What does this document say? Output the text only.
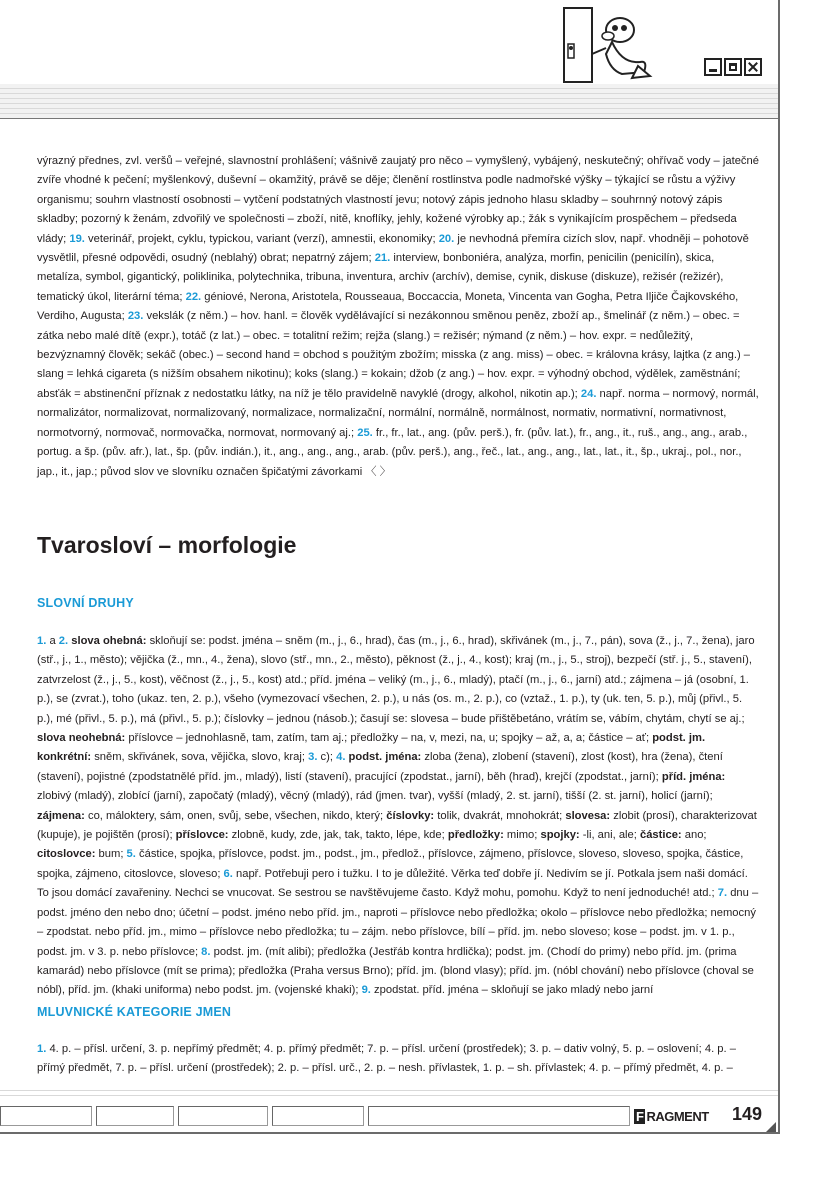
výrazný přednes, zvl. veršů – veřejné, slavnostní prohlášení; vášnivě zaujatý pro něco – vymyšlený, vybájený, neskutečný; ohřívač vody – jatečné zvíře vhodné k pečení; myšlenkový, duševní – okamžitý, právě se děje; členění rostlinstva podle nadmořské výšky – týkající se růstu a výživy organismu; souhrn vlastností osobnosti – vytčení podstatných vlastností jevu; notový zápis jednoho hlasu skladby – souhrnný notový zápis skladby; pozorný k ženám, zdvořilý ve společnosti – zboží, nitě, knoflíky, jehly, kožené výrobky ap.; žák s vynikajícím prospěchem – předseda vlády; 19. veterinář, projekt, cyklu, typickou, variant (verzí), amnestii, ekonomiky; 20. je nevhodná přemíra cizích slov, např. vhodněji – pohotově vysvětlil, přesné odpovědi, osudný (neblahý) obrat; nepatrný zájem; 21. interview, bonboniéra, analýza, morfin, penicilin (penicilín), skica, metalíza, symbol, gigantický, poliklinika, polytechnika, tribuna, inventura, archiv (archív), demise, cynik, diskuse (diskuze), režisér (režizér), tematický úkol, literární téma; 22. géniové, Nerona, Aristotela, Rousseaua, Boccaccia, Moneta, Vincenta van Gogha, Petra Iljiče Čajkovského, Verdiho, Augusta; 23. vekslák (z něm.) – hov. hanl. = člověk vydělávající si nezákonnou směnou peněz, zboží ap., šmelinář (z něm.) – obec. = zátka nebo malé dítě (expr.), totáč (z lat.) – obec. = totalitní režim; rejža (slang.) = režisér; nýmand (z něm.) – hov. expr. = nedůležitý, bezvýznamný člověk; sekáč (obec.) – second hand = obchod s použitým zbožím; misska (z ang. miss) – obec. = královna krásy, lajtka (z ang.) – slang = lehká cigareta (s nižším obsahem nikotinu); koks (slang.) = kokain; džob (z ang.) – hov. expr. = výhodný obchod, výdělek, zaměstnání; absťák = abstinenční příznak z nedostatku látky, na níž je tělo pravidelně navyklé (drogy, alkohol, nikotin ap.); 24. např. norma – normový, normál, normalizátor, normalizovat, normalizovaný, normalizace, normalizační, normální, normálně, normálnost, normativ, normativní, normativnost, normotvorný, normovač, normovačka, normovat, normovaný aj.; 25. fr., fr., lat., ang. (pův. perš.), fr. (pův. lat.), fr., ang., it., ruš., ang., ang., arab., portug. a šp. (pův. afr.), lat., šp. (pův. indián.), it., ang., ang., ang., arab. (pův. perš.), ang., řeč., lat., ang., ang., lat., lat., it., šp., ukraj., pol., nor., jap., it., jap.; původ slov ve slovníku označen špičatými závorkami 〈 〉

Tvarosloví – morfologie
SLOVNÍ DRUHY

1. a 2. slova ohebná: skloňují se: podst. jména – sněm (m., j., 6., hrad), čas (m., j., 6., hrad), skřivánek (m., j., 7., pán), sova (ž., j., 7., žena), jaro (stř., j., 1., město); vějička (ž., mn., 4., žena), slovo (stř., mn., 2., město), pěknost (ž., j., 4., kost); kraj (m., j., 5., stroj), bezpečí (stř. j., 5., stavení), zatvrzelost (ž., j., 5., kost), věčnost (ž., j., 5., kost) atd.; příd. jména – veliký (m., j., 6., mladý), ptačí (m., j., 6., jarní) atd.; zájmena – já (osobní, 1. p.), se (zvrat.), toho (ukaz. ten, 2. p.), všeho (vymezovací všechen, 2. p.), u nás (os. m., 2. p.), co (vztaž., 1. p.), ty (uk. ten, 5. p.), můj (přivl., 5. p.), mé (přivl., 5. p.), má (přivl., 5. p.); číslovky – jednou (násob.); časují se: slovesa – bude přištěbetáno, vrátím se, vábím, chytám, chytí se aj.; slova neohebná: příslovce – jednohlasně, tam, zatím, tam aj.; předložky – na, v, mezi, na, u; spojky – až, a, a; částice – ať; podst. jm. konkrétní: sněm, skřivánek, sova, vějička, slovo, kraj; 3. c); 4. podst. jména: zloba (žena), zlobení (stavení), zlost (kost), hra (žena), čtení (stavení), pojistné (zpodstatnělé příd. jm., mladý), listí (stavení), pracující (zpodstat., jarní), běh (hrad), krejčí (zpodstat., jarní); příd. jména: zlobivý (mladý), zlobící (jarní), započatý (mladý), věcný (mladý), rád (jmen. tvar), vyšší (mladý, 2. st. jarní), tišší (2. st. jarní), holicí (jarní); zájmena: co, máloktery, sám, onen, svůj, sebe, všechen, nikdo, který; číslovky: tolik, dvakrát, mnohokrát; slovesa: zlobit (prosí), charakterizovat (kupuje), je pojištěn (prosí); příslovce: zlobně, kudy, zde, jak, tak, takto, lépe, kde; předložky: mimo; spojky: -li, ani, ale; částice: ano; citoslovce: bum; 5. částice, spojka, příslovce, podst. jm., podst., jm., předlož., příslovce, zájmeno, příslovce, sloveso, sloveso, spojka, částice, spojka, zájmeno, citoslovce, sloveso; 6. např. Potřebuji pero i tužku. I to je důležité. Věrka teď dobře jí. Nedivím se jí. Potkala jsem naši domácí. To jsou domácí zavařeniny. Nechci se vnucovat. Se sestrou se navštěvujeme často. Když mohu, pomohu. Když to není jednoduché! atd.; 7. dnu – podst. jméno den nebo dno; účetní – podst. jméno nebo příd. jm., naproti – příslovce nebo předložka; okolo – příslovce nebo předložka; nemocný – zpodstat. nebo příd. jm., mimo – příslovce nebo předložka; tu – zájm. nebo příslovce, bílí – příd. jm. nebo sloveso; kose – podst. jm. v 1. p., podst. jm. v 3. p. nebo příslovce; 8. podst. jm. (mít alibi); předložka (Jestřáb kontra hrdlička); podst. jm. (Chodí do primy) nebo příd. jm. (prima kamarád) nebo příslovce (mít se prima); předložka (Praha versus Brno); příd. jm. (blond vlasy); příd. jm. (nóbl chování) nebo příslovce (choval se nóbl), příd. jm. (khaki uniforma) nebo podst. jm. (vojenské khaki); 9. zpodstat. příd. jména – skloňují se jako mladý nebo jarní

MLUVNICKÉ KATEGORIE JMEN

1. 4. p. – přísl. určení, 3. p. nepřímý předmět; 4. p. přímý předmět; 7. p. – přísl. určení (prostředek); 3. p. – dativ volný, 5. p. – oslovení; 4. p. – přímý předmět, 7. p. – přísl. určení (prostředek); 2. p. – přísl. urč., 2. p. – nesh. přívlastek, 1. p. – sh. přívlastek; 4. p. – přímý předmět, 4. p. –

F RAGMENT 149
